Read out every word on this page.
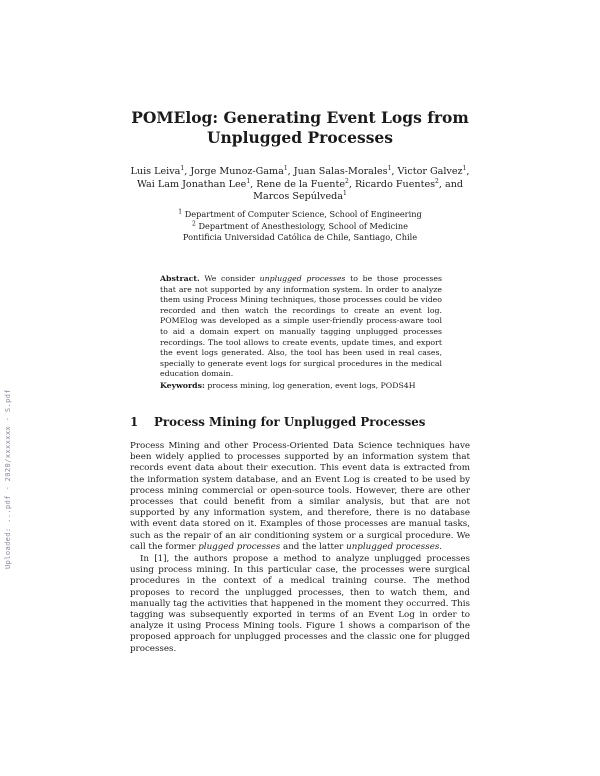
POMElog: Generating Event Logs from
Unplugged Processes
Luis Leiva$^1$, Jorge Munoz-Gama$^1$, Juan Salas-Morales$^1$, Victor Galvez$^1$,
Wai Lam Jonathan Lee$^1$, Rene de la Fuente$^2$, Ricardo Fuentes$^2$, and
Marcos Sepúlveda$^1$
$^1$ Department of Computer Science, School of Engineering
$^2$ Department of Anesthesiology, School of Medicine
Pontificia Universidad Católica de Chile, Santiago, Chile
Abstract. We consider unplugged processes to be those processes that are not supported by any information system. In order to analyze them using Process Mining techniques, those processes could be video recorded and then watch the recordings to create an event log. POMElog was developed as a simple user-friendly process-aware tool to aid a domain expert on manually tagging unplugged processes recordings. The tool allows to create events, update times, and export the event logs generated. Also, the tool has been used in real cases, specially to generate event logs for surgical procedures in the medical education domain.
Keywords: process mining, log generation, event logs, PODS4H
1 Process Mining for Unplugged Processes

Process Mining and other Process-Oriented Data Science techniques have been widely applied to processes supported by an information system that records event data about their execution. This event data is extracted from the information system database, and an Event Log is created to be used by process mining commercial or open-source tools. However, there are other processes that could benefit from a similar analysis, but that are not supported by any information system, and therefore, there is no database with event data stored on it. Examples of those processes are manual tasks, such as the repair of an air conditioning system or a surgical procedure. We call the former plugged processes and the latter unplugged processes.

In [1], the authors propose a method to analyze unplugged processes using process mining. In this particular case, the processes were surgical procedures in the context of a medical training course. The method proposes to record the unplugged processes, then to watch them, and manually tag the activities that happened in the moment they occurred. This tagging was subsequently exported in terms of an Event Log in order to analyze it using Process Mining tools. Figure 1 shows a comparison of the proposed approach for unplugged processes and the classic one for plugged processes.

Uploaded: ...pdf - 2020/xxxxxxx - S.pdf
